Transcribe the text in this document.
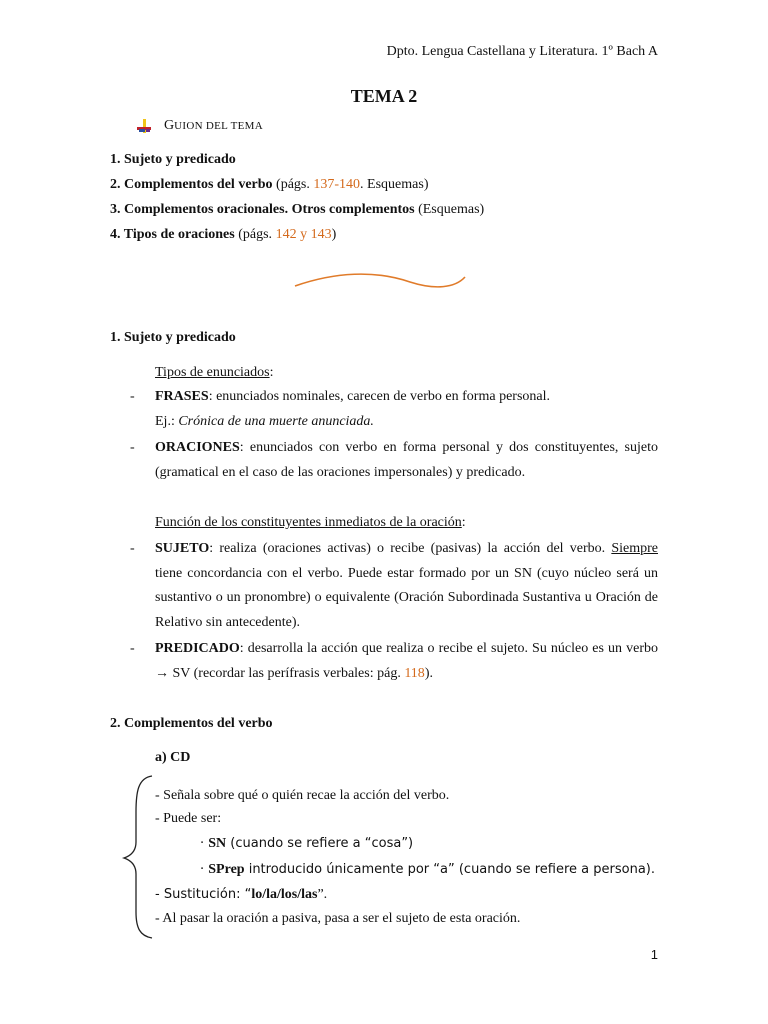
Dpto. Lengua Castellana y Literatura. 1º Bach A
TEMA 2
G UION DEL TEMA
1. Sujeto y predicado
2. Complementos del verbo (págs. 137-140. Esquemas)
3. Complementos oracionales. Otros complementos (Esquemas)
4. Tipos de oraciones (págs. 142 y 143)
1. Sujeto y predicado
Tipos de enunciados:
- FRASES: enunciados nominales, carecen de verbo en forma personal.
Ej.: Crónica de una muerte anunciada.
- ORACIONES: enunciados con verbo en forma personal y dos constituyentes, sujeto (gramatical en el caso de las oraciones impersonales) y predicado.
Función de los constituyentes inmediatos de la oración:
- SUJETO: realiza (oraciones activas) o recibe (pasivas) la acción del verbo. Siempre tiene concordancia con el verbo. Puede estar formado por un SN (cuyo núcleo será un sustantivo o un pronombre) o equivalente (Oración Subordinada Sustantiva u Oración de Relativo sin antecedente).
- PREDICADO: desarrolla la acción que realiza o recibe el sujeto. Su núcleo es un verbo → SV (recordar las perífrasis verbales: pág. 118).
2. Complementos del verbo
a) CD
- Señala sobre qué o quién recae la acción del verbo.
- Puede ser:
· SN (cuando se refiere a “cosa”)
· SPrep introducido únicamente por “a” (cuando se refiere a persona).
- Sustitución: “lo/la/los/las”.
- Al pasar la oración a pasiva, pasa a ser el sujeto de esta oración.
1
